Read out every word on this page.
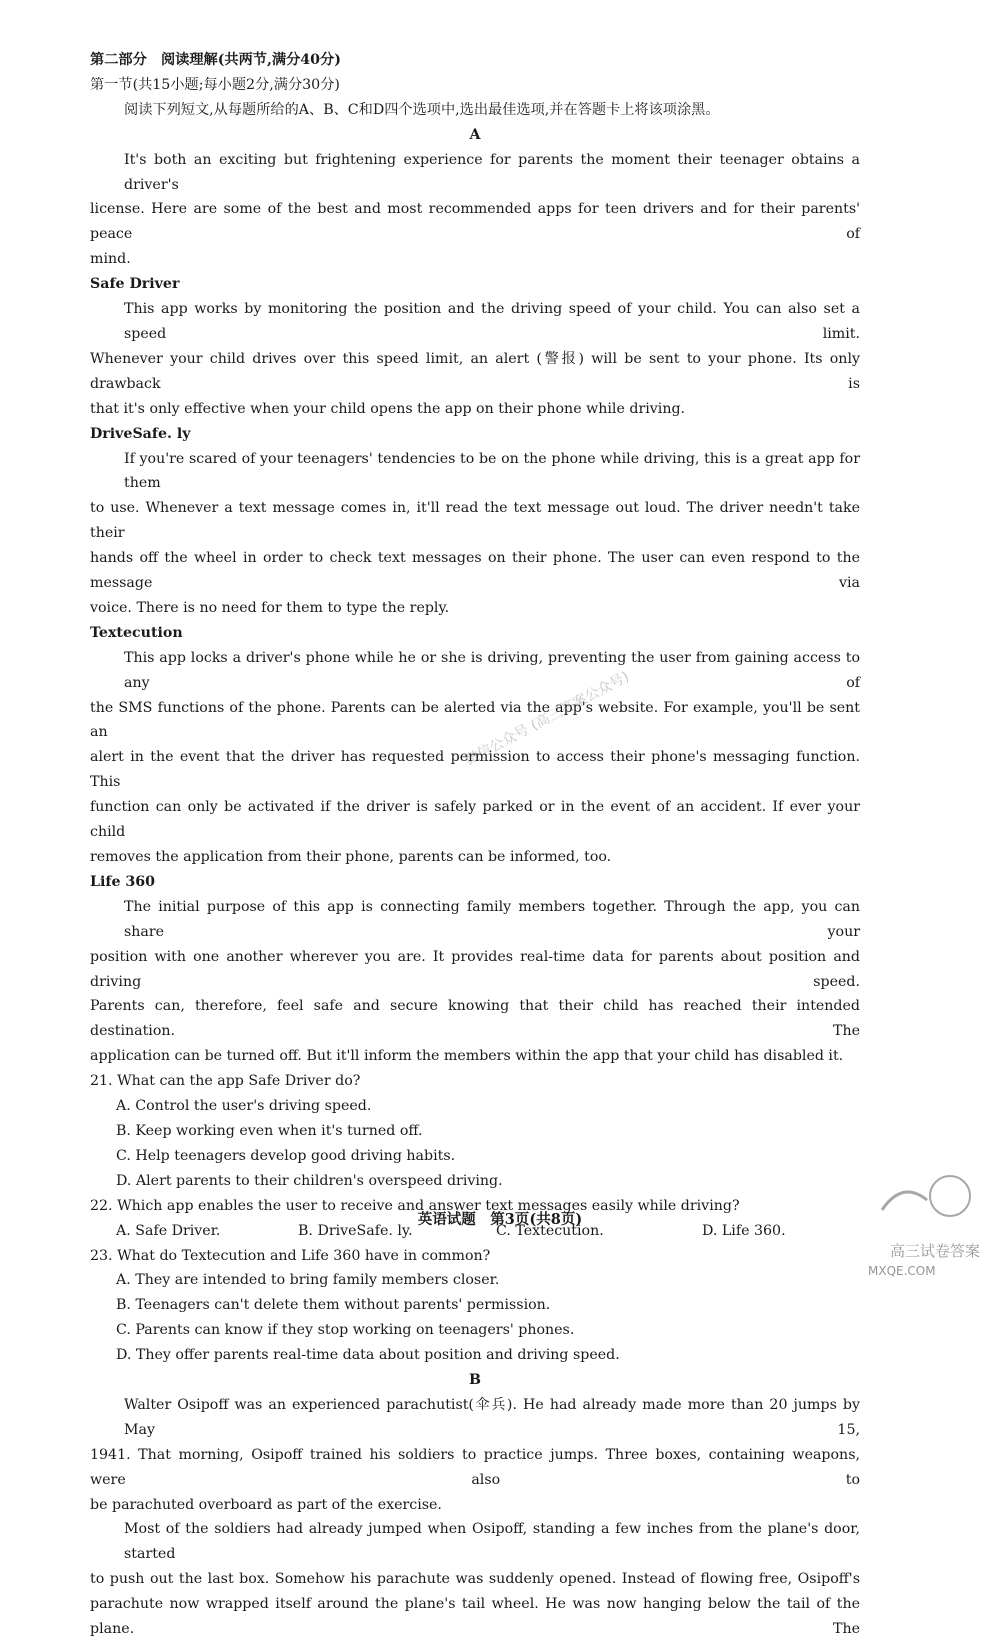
第二部分　阅读理解(共两节,满分40分)
第一节(共15小题;每小题2分,满分30分)
阅读下列短文,从每题所给的A、B、C和D四个选项中,选出最佳选项,并在答题卡上将该项涂黑。
A
It's both an exciting but frightening experience for parents the moment their teenager obtains a driver's
license. Here are some of the best and most recommended apps for teen drivers and for their parents' peace of
mind.
Safe Driver
This app works by monitoring the position and the driving speed of your child. You can also set a speed limit.
Whenever your child drives over this speed limit, an alert (警报) will be sent to your phone. Its only drawback is
that it's only effective when your child opens the app on their phone while driving.
DriveSafe. ly
If you're scared of your teenagers' tendencies to be on the phone while driving, this is a great app for them
to use. Whenever a text message comes in, it'll read the text message out loud. The driver needn't take their
hands off the wheel in order to check text messages on their phone. The user can even respond to the message via
voice. There is no need for them to type the reply.
Textecution
This app locks a driver's phone while he or she is driving, preventing the user from gaining access to any of
the SMS functions of the phone. Parents can be alerted via the app's website. For example, you'll be sent an
alert in the event that the driver has requested permission to access their phone's messaging function. This
function can only be activated if the driver is safely parked or in the event of an accident. If ever your child
removes the application from their phone, parents can be informed, too.
Life 360
The initial purpose of this app is connecting family members together. Through the app, you can share your
position with one another wherever you are. It provides real-time data for parents about position and driving speed.
Parents can, therefore, feel safe and secure knowing that their child has reached their intended destination. The
application can be turned off. But it'll inform the members within the app that your child has disabled it.
21. What can the app Safe Driver do?
A. Control the user's driving speed.
B. Keep working even when it's turned off.
C. Help teenagers develop good driving habits.
D. Alert parents to their children's overspeed driving.
22. Which app enables the user to receive and answer text messages easily while driving?
A. Safe Driver.	B. DriveSafe. ly.	C. Textecution.	D. Life 360.
23. What do Textecution and Life 360 have in common?
A. They are intended to bring family members closer.
B. Teenagers can't delete them without parents' permission.
C. Parents can know if they stop working on teenagers' phones.
D. They offer parents real-time data about position and driving speed.
B
Walter Osipoff was an experienced parachutist(伞兵). He had already made more than 20 jumps by May 15,
1941. That morning, Osipoff trained his soldiers to practice jumps. Three boxes, containing weapons, were also to
be parachuted overboard as part of the exercise.
Most of the soldiers had already jumped when Osipoff, standing a few inches from the plane's door, started
to push out the last box. Somehow his parachute was suddenly opened. Instead of flowing free, Osipoff's
parachute now wrapped itself around the plane's tail wheel. He was now hanging below the tail of the plane. The
英语试题　第3页(共8页)
微信公众号 (高三答案公众号)
高三试卷答案
MXQE.COM
